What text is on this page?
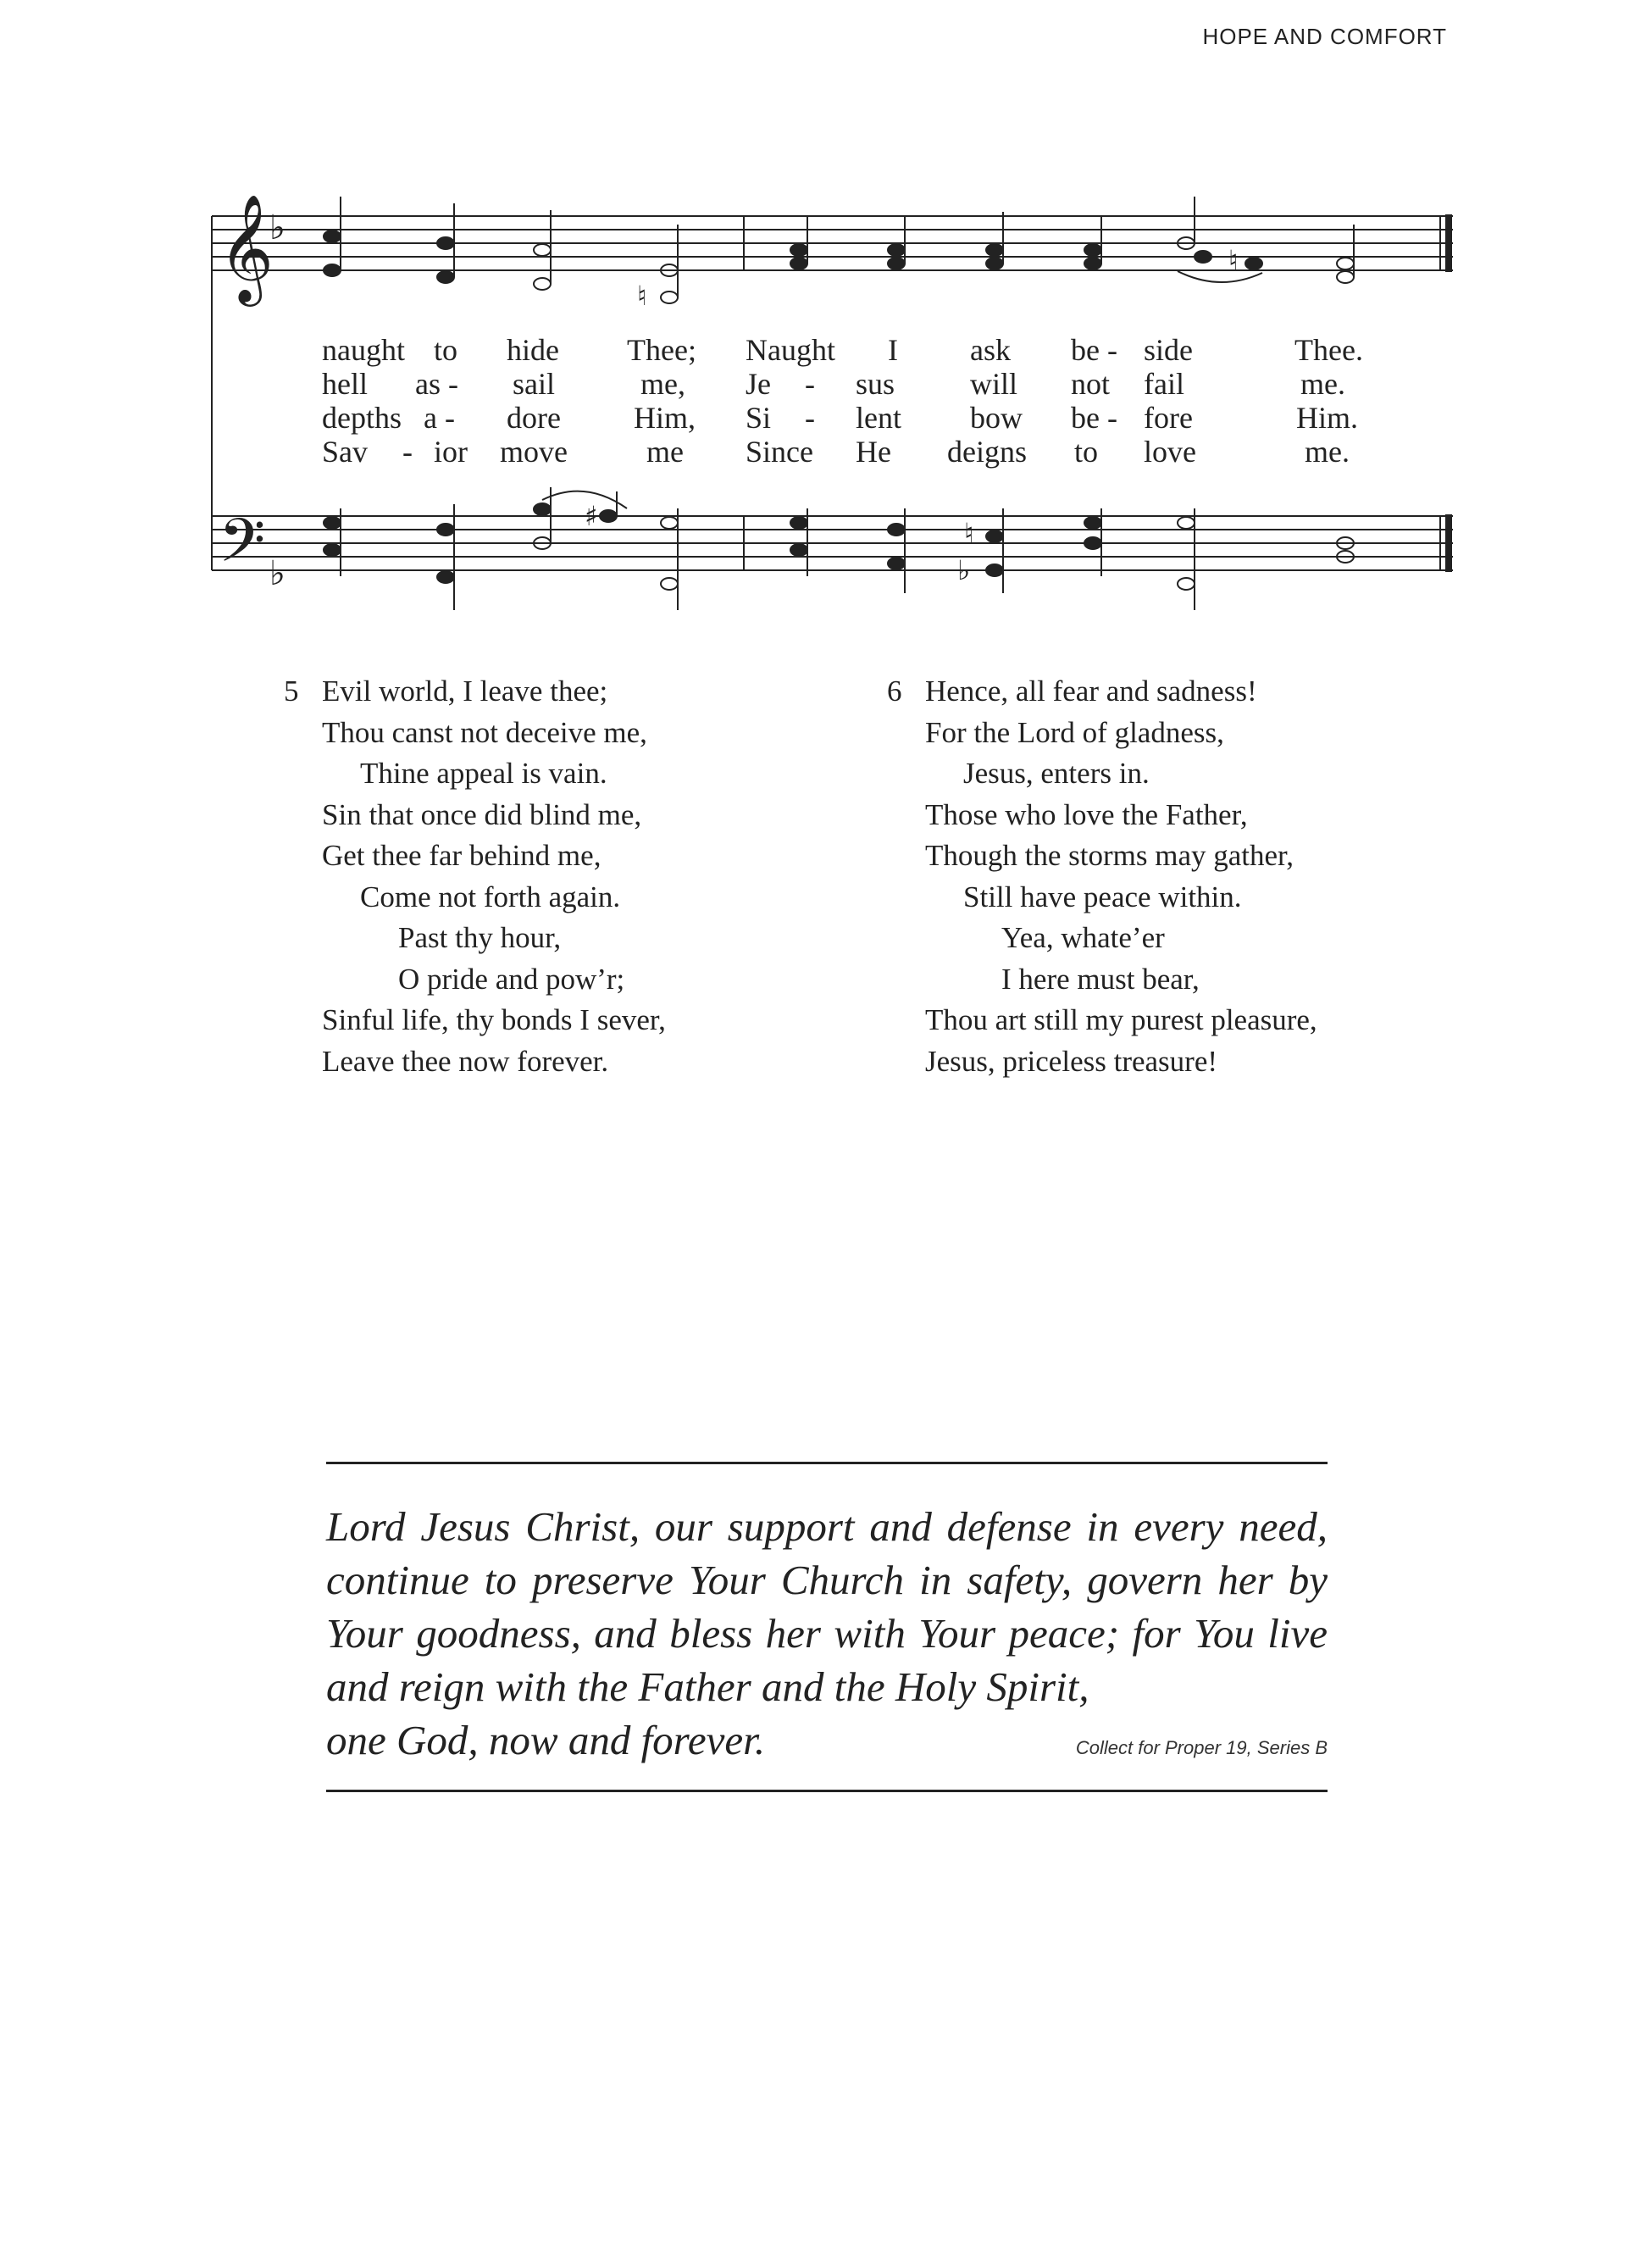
HOPE AND COMFORT
𝄞
𝄢
♭
♭
♮
♮
♮
♭
♯
naught to hide Thee; Naught I ask be - side	Thee.
hell as - sail	me, Je - sus will not fail	me.
depths a - dore Him, Si - lent bow be - fore	Him.
Sav - ior move	me Since He deigns to love	me.
5 Evil world, I leave thee;
Thou canst not deceive me,
Thine appeal is vain.
Sin that once did blind me,
Get thee far behind me,
Come not forth again.
Past thy hour,
O pride and pow’r;
Sinful life, thy bonds I sever,
Leave thee now forever.
6 Hence, all fear and sadness!
For the Lord of gladness,
Jesus, enters in.
Those who love the Father,
Though the storms may gather,
Still have peace within.
Yea, whate’er
I here must bear,
Thou art still my purest pleasure,
Jesus, priceless treasure!
Lord Jesus Christ, our support and defense in every need, continue to preserve Your Church in safety, govern her by Your goodness, and bless her with Your peace; for You live and reign with the Father and the Holy Spirit,
one God, now and forever.	Collect for Proper 19, Series B
